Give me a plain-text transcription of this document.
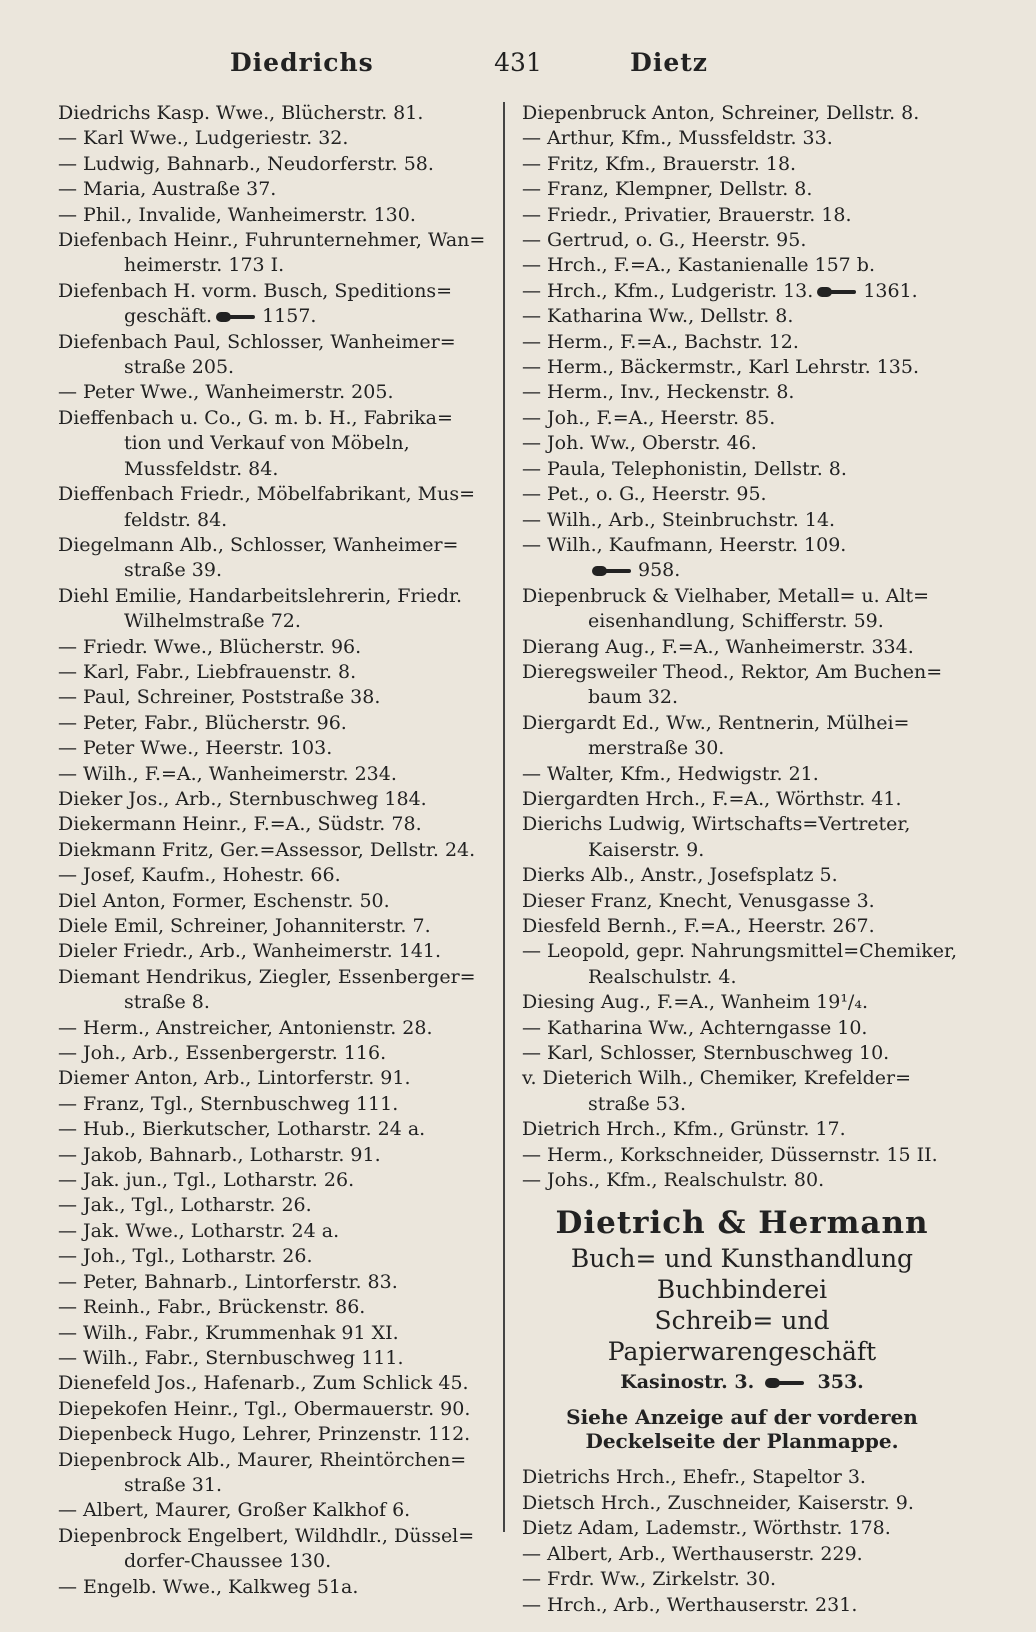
Diedrichs	431	Dietz
Diedrichs Kasp. Wwe., Blücherstr. 81.
— Karl Wwe., Ludgeriestr. 32.
— Ludwig, Bahnarb., Neudorferstr. 58.
— Maria, Austraße 37.
— Phil., Invalide, Wanheimerstr. 130.
Diefenbach Heinr., Fuhrunternehmer, Wan=
heimerstr. 173 I.
Diefenbach H. vorm. Busch, Speditions=
geschäft.	1157.
Diefenbach Paul, Schlosser, Wanheimer=
straße 205.
— Peter Wwe., Wanheimerstr. 205.
Dieffenbach u. Co., G. m. b. H., Fabrika=
tion und Verkauf von Möbeln,
Mussfeldstr. 84.
Dieffenbach Friedr., Möbelfabrikant, Mus=
feldstr. 84.
Diegelmann Alb., Schlosser, Wanheimer=
straße 39.
Diehl Emilie, Handarbeitslehrerin, Friedr.
Wilhelmstraße 72.
— Friedr. Wwe., Blücherstr. 96.
— Karl, Fabr., Liebfrauenstr. 8.
— Paul, Schreiner, Poststraße 38.
— Peter, Fabr., Blücherstr. 96.
— Peter Wwe., Heerstr. 103.
— Wilh., F.=A., Wanheimerstr. 234.
Dieker Jos., Arb., Sternbuschweg 184.
Diekermann Heinr., F.=A., Südstr. 78.
Diekmann Fritz, Ger.=Assessor, Dellstr. 24.
— Josef, Kaufm., Hohestr. 66.
Diel Anton, Former, Eschenstr. 50.
Diele Emil, Schreiner, Johanniterstr. 7.
Dieler Friedr., Arb., Wanheimerstr. 141.
Diemant Hendrikus, Ziegler, Essenberger=
straße 8.
— Herm., Anstreicher, Antonienstr. 28.
— Joh., Arb., Essenbergerstr. 116.
Diemer Anton, Arb., Lintorferstr. 91.
— Franz, Tgl., Sternbuschweg 111.
— Hub., Bierkutscher, Lotharstr. 24 a.
— Jakob, Bahnarb., Lotharstr. 91.
— Jak. jun., Tgl., Lotharstr. 26.
— Jak., Tgl., Lotharstr. 26.
— Jak. Wwe., Lotharstr. 24 a.
— Joh., Tgl., Lotharstr. 26.
— Peter, Bahnarb., Lintorferstr. 83.
— Reinh., Fabr., Brückenstr. 86.
— Wilh., Fabr., Krummenhak 91 XI.
— Wilh., Fabr., Sternbuschweg 111.
Dienefeld Jos., Hafenarb., Zum Schlick 45.
Diepekofen Heinr., Tgl., Obermauerstr. 90.
Diepenbeck Hugo, Lehrer, Prinzenstr. 112.
Diepenbrock Alb., Maurer, Rheintörchen=
straße 31.
— Albert, Maurer, Großer Kalkhof 6.
Diepenbrock Engelbert, Wildhdlr., Düssel=
dorfer-Chaussee 130.
— Engelb. Wwe., Kalkweg 51a.
Diepenbruck Anton, Schreiner, Dellstr. 8.
— Arthur, Kfm., Mussfeldstr. 33.
— Fritz, Kfm., Brauerstr. 18.
— Franz, Klempner, Dellstr. 8.
— Friedr., Privatier, Brauerstr. 18.
— Gertrud, o. G., Heerstr. 95.
— Hrch., F.=A., Kastanienalle 157 b.
— Hrch., Kfm., Ludgeristr. 13.	1361.
— Katharina Ww., Dellstr. 8.
— Herm., F.=A., Bachstr. 12.
— Herm., Bäckermstr., Karl Lehrstr. 135.
— Herm., Inv., Heckenstr. 8.
— Joh., F.=A., Heerstr. 85.
— Joh. Ww., Oberstr. 46.
— Paula, Telephonistin, Dellstr. 8.
— Pet., o. G., Heerstr. 95.
— Wilh., Arb., Steinbruchstr. 14.
— Wilh., Kaufmann, Heerstr. 109.
958.
Diepenbruck & Vielhaber, Metall= u. Alt=
eisenhandlung, Schifferstr. 59.
Dierang Aug., F.=A., Wanheimerstr. 334.
Dieregsweiler Theod., Rektor, Am Buchen=
baum 32.
Diergardt Ed., Ww., Rentnerin, Mülhei=
merstraße 30.
— Walter, Kfm., Hedwigstr. 21.
Diergardten Hrch., F.=A., Wörthstr. 41.
Dierichs Ludwig, Wirtschafts=Vertreter,
Kaiserstr. 9.
Dierks Alb., Anstr., Josefsplatz 5.
Dieser Franz, Knecht, Venusgasse 3.
Diesfeld Bernh., F.=A., Heerstr. 267.
— Leopold, gepr. Nahrungsmittel=Chemiker,
Realschulstr. 4.
Diesing Aug., F.=A., Wanheim 19¹/₄.
— Katharina Ww., Achterngasse 10.
— Karl, Schlosser, Sternbuschweg 10.
v. Dieterich Wilh., Chemiker, Krefelder=
straße 53.
Dietrich Hrch., Kfm., Grünstr. 17.
— Herm., Korkschneider, Düssernstr. 15 II.
— Johs., Kfm., Realschulstr. 80.
Dietrich & Hermann
Buch= und Kunsthandlung
Buchbinderei
Schreib= und Papierwarengeschäft
Kasinostr. 3.	353.
Siehe Anzeige auf der vorderen
Deckelseite der Planmappe.
Dietrichs Hrch., Ehefr., Stapeltor 3.
Dietsch Hrch., Zuschneider, Kaiserstr. 9.
Dietz Adam, Lademstr., Wörthstr. 178.
— Albert, Arb., Werthauserstr. 229.
— Frdr. Ww., Zirkelstr. 30.
— Hrch., Arb., Werthauserstr. 231.
